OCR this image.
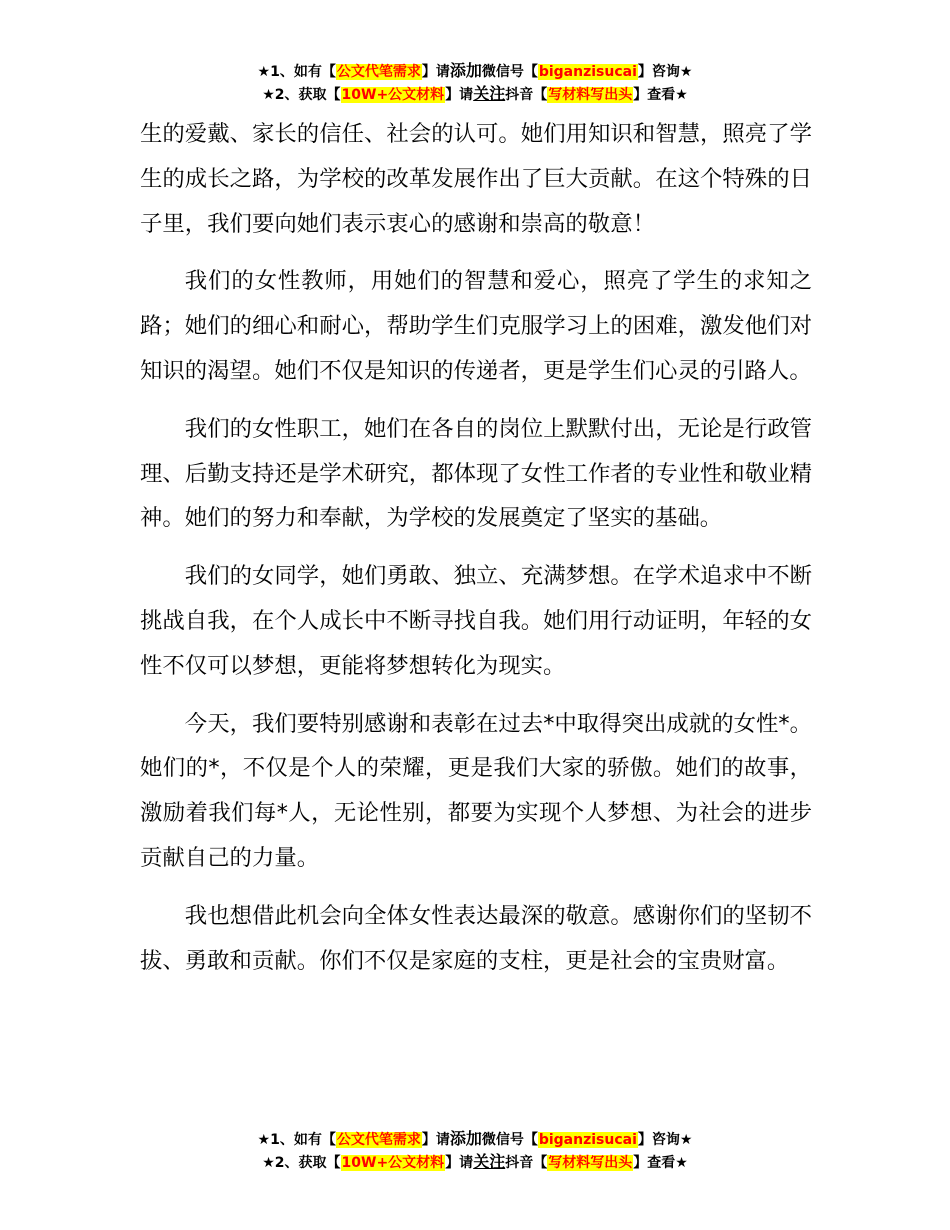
★1、如有【公文代笔需求】请添加微信号【biganzisucai】咨询★
★2、获取【10W+公文材料】请关注抖音【写材料写出头】查看★

生的爱戴、家长的信任、社会的认可。她们用知识和智慧，照亮了学生的成长之路，为学校的改革发展作出了巨大贡献。在这个特殊的日子里，我们要向她们表示衷心的感谢和崇高的敬意！

我们的女性教师，用她们的智慧和爱心，照亮了学生的求知之路；她们的细心和耐心，帮助学生们克服学习上的困难，激发他们对知识的渴望。她们不仅是知识的传递者，更是学生们心灵的引路人。

我们的女性职工，她们在各自的岗位上默默付出，无论是行政管理、后勤支持还是学术研究，都体现了女性工作者的专业性和敬业精神。她们的努力和奉献，为学校的发展奠定了坚实的基础。

我们的女同学，她们勇敢、独立、充满梦想。在学术追求中不断挑战自我，在个人成长中不断寻找自我。她们用行动证明，年轻的女性不仅可以梦想，更能将梦想转化为现实。

今天，我们要特别感谢和表彰在过去*中取得突出成就的女性*。她们的*，不仅是个人的荣耀，更是我们大家的骄傲。她们的故事，激励着我们每*人，无论性别，都要为实现个人梦想、为社会的进步贡献自己的力量。

我也想借此机会向全体女性表达最深的敬意。感谢你们的坚韧不拔、勇敢和贡献。你们不仅是家庭的支柱，更是社会的宝贵财富。

★1、如有【公文代笔需求】请添加微信号【biganzisucai】咨询★
★2、获取【10W+公文材料】请关注抖音【写材料写出头】查看★
